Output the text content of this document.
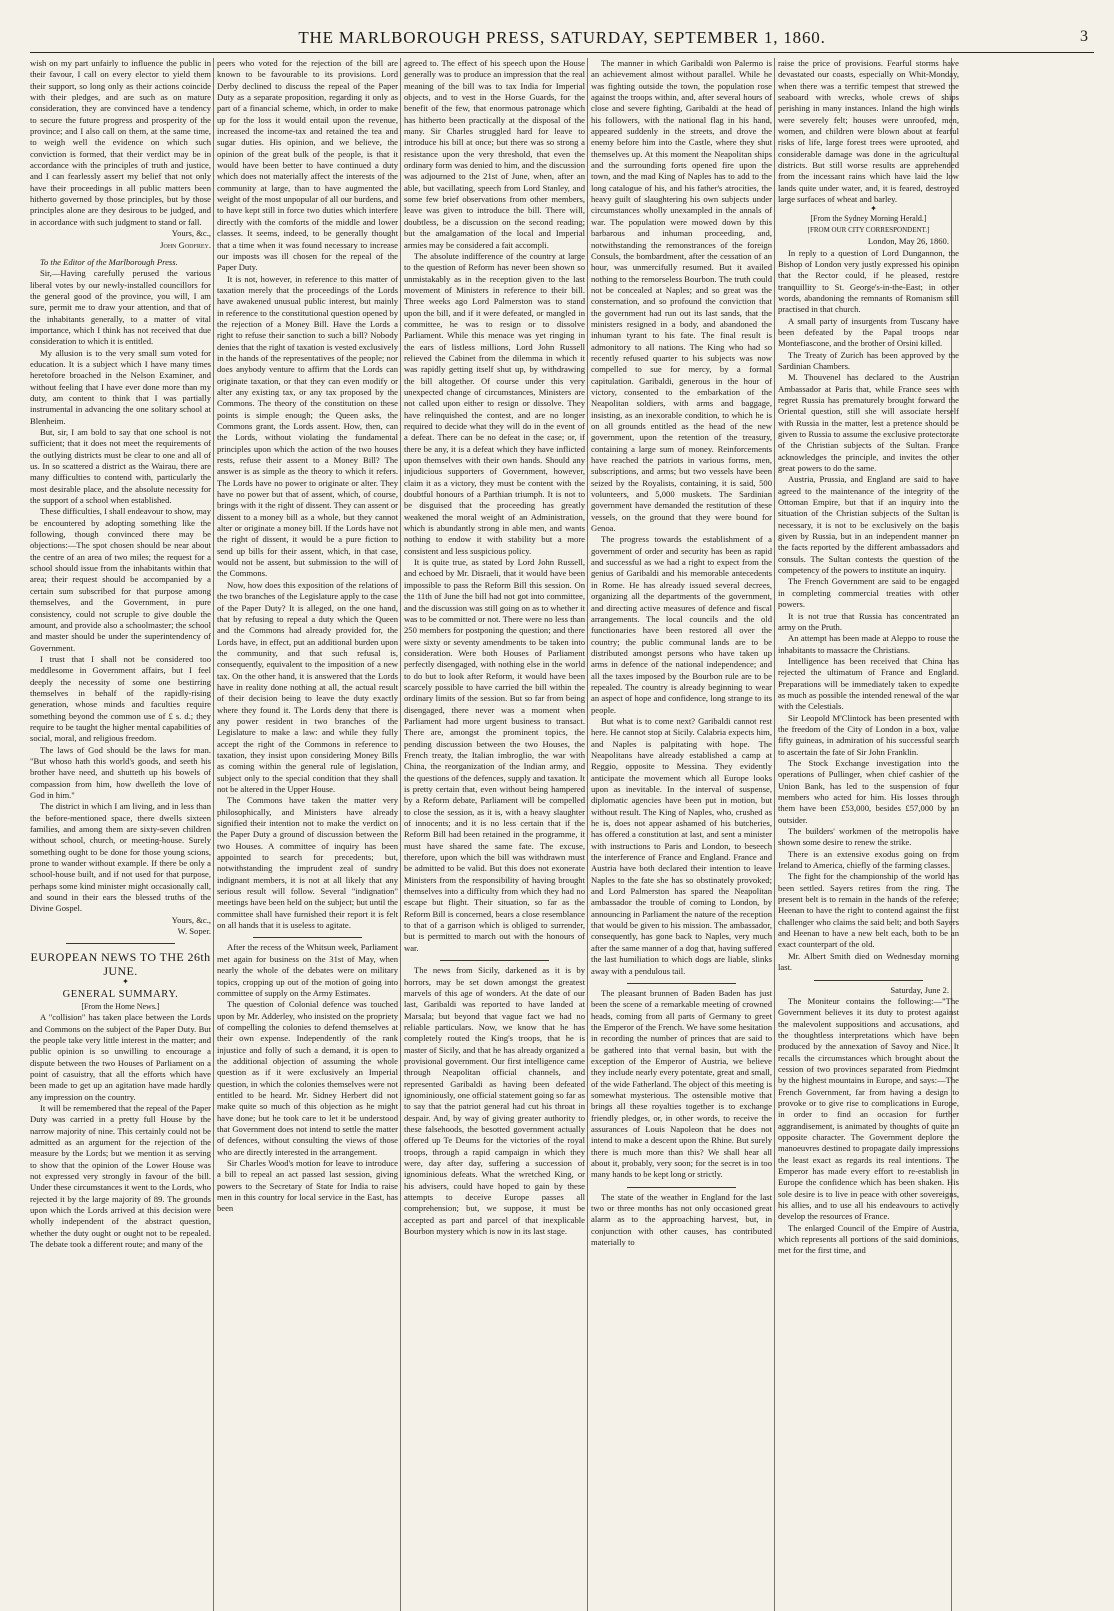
THE MARLBOROUGH PRESS, SATURDAY, SEPTEMBER 1, 1860.	3

wish on my part unfairly to influence the public in their favour, I call on every elector to yield them their support, so long only as their actions coincide with their pledges, and are such as on mature consideration, they are convinced have a tendency to secure the future progress and prosperity of the province; and I also call on them, at the same time, to weigh well the evidence on which such conviction is formed, that their verdict may be in accordance with the principles of truth and justice, and I can fearlessly assert my belief that not only have their proceedings in all public matters been hitherto governed by those principles, but by those principles alone are they desirous to be judged, and in accordance with such judgment to stand or fall.

Yours, &c.,

John Godfrey.

To the Editor of the Marlborough Press.

Sir,—Having carefully perused the various liberal votes by our newly-installed councillors for the general good of the province, you will, I am sure, permit me to draw your attention, and that of the inhabitants generally, to a matter of vital importance, which I think has not received that due consideration to which it is entitled.

My allusion is to the very small sum voted for education. It is a subject which I have many times heretofore broached in the Nelson Examiner, and without feeling that I have ever done more than my duty, am content to think that I was partially instrumental in advancing the one solitary school at Blenheim.

But, sir, I am bold to say that one school is not sufficient; that it does not meet the requirements of the outlying districts must be clear to one and all of us. In so scattered a district as the Wairau, there are many difficulties to contend with, particularly the most desirable place, and the absolute necessity for the support of a school when established.

These difficulties, I shall endeavour to show, may be encountered by adopting something like the following, though convinced there may be objections:—The spot chosen should be near about the centre of an area of two miles; the request for a school should issue from the inhabitants within that area; their request should be accompanied by a certain sum subscribed for that purpose among themselves, and the Government, in pure consistency, could not scruple to give double the amount, and provide also a schoolmaster; the school and master should be under the superintendency of Government.

I trust that I shall not be considered too meddlesome in Government affairs, but I feel deeply the necessity of some one bestirring themselves in behalf of the rapidly-rising generation, whose minds and faculties require something beyond the common use of £ s. d.; they require to be taught the higher mental capabilities of social, moral, and religious freedom.

The laws of God should be the laws for man. "But whoso hath this world's goods, and seeth his brother have need, and shutteth up his bowels of compassion from him, how dwelleth the love of God in him."

The district in which I am living, and in less than the before-mentioned space, there dwells sixteen families, and among them are sixty-seven children without school, church, or meeting-house. Surely something ought to be done for those young scions, prone to wander without example. If there be only a school-house built, and if not used for that purpose, perhaps some kind minister might occasionally call, and sound in their ears the blessed truths of the Divine Gospel.

Yours, &c.,

W. Soper.

EUROPEAN NEWS TO THE 26th JUNE.

✦

GENERAL SUMMARY.

[From the Home News.]

A "collision" has taken place between the Lords and Commons on the subject of the Paper Duty. But the people take very little interest in the matter; and public opinion is so unwilling to encourage a dispute between the two Houses of Parliament on a point of casuistry, that all the efforts which have been made to get up an agitation have made hardly any impression on the country.

It will be remembered that the repeal of the Paper Duty was carried in a pretty full House by the narrow majority of nine. This certainly could not be admitted as an argument for the rejection of the measure by the Lords; but we mention it as serving to show that the opinion of the Lower House was not expressed very strongly in favour of the bill. Under these circumstances it went to the Lords, who rejected it by the large majority of 89. The grounds upon which the Lords arrived at this decision were wholly independent of the abstract question, whether the duty ought or ought not to be repealed. The debate took a different route; and many of the

peers who voted for the rejection of the bill are known to be favourable to its provisions. Lord Derby declined to discuss the repeal of the Paper Duty as a separate proposition, regarding it only as part of a financial scheme, which, in order to make up for the loss it would entail upon the revenue, increased the income-tax and retained the tea and sugar duties. His opinion, and we believe, the opinion of the great bulk of the people, is that it would have been better to have continued a duty which does not materially affect the interests of the community at large, than to have augmented the weight of the most unpopular of all our burdens, and to have kept still in force two duties which interfere directly with the comforts of the middle and lower classes. It seems, indeed, to be generally thought that a time when it was found necessary to increase our imposts was ill chosen for the repeal of the Paper Duty.

It is not, however, in reference to this matter of taxation merely that the proceedings of the Lords have awakened unusual public interest, but mainly in reference to the constitutional question opened by the rejection of a Money Bill. Have the Lords a right to refuse their sanction to such a bill? Nobody denies that the right of taxation is vested exclusively in the hands of the representatives of the people; nor does anybody venture to affirm that the Lords can originate taxation, or that they can even modify or alter any existing tax, or any tax proposed by the Commons. The theory of the constitution on these points is simple enough; the Queen asks, the Commons grant, the Lords assent. How, then, can the Lords, without violating the fundamental principles upon which the action of the two houses rests, refuse their assent to a Money Bill? The answer is as simple as the theory to which it refers. The Lords have no power to originate or alter. They have no power but that of assent, which, of course, brings with it the right of dissent. They can assent or dissent to a money bill as a whole, but they cannot alter or originate a money bill. If the Lords have not the right of dissent, it would be a pure fiction to send up bills for their assent, which, in that case, would not be assent, but submission to the will of the Commons.

Now, how does this exposition of the relations of the two branches of the Legislature apply to the case of the Paper Duty? It is alleged, on the one hand, that by refusing to repeal a duty which the Queen and the Commons had already provided for, the Lords have, in effect, put an additional burden upon the community, and that such refusal is, consequently, equivalent to the imposition of a new tax. On the other hand, it is answered that the Lords have in reality done nothing at all, the actual result of their decision being to leave the duty exactly where they found it. The Lords deny that there is any power resident in two branches of the Legislature to make a law: and while they fully accept the right of the Commons in reference to taxation, they insist upon considering Money Bills as coming within the general rule of legislation, subject only to the special condition that they shall not be altered in the Upper House.

The Commons have taken the matter very philosophically, and Ministers have already signified their intention not to make the verdict on the Paper Duty a ground of discussion between the two Houses. A committee of inquiry has been appointed to search for precedents; but, notwithstanding the imprudent zeal of sundry indignant members, it is not at all likely that any serious result will follow. Several "indignation" meetings have been held on the subject; but until the committee shall have furnished their report it is felt on all hands that it is useless to agitate.

After the recess of the Whitsun week, Parliament met again for business on the 31st of May, when nearly the whole of the debates were on military topics, cropping up out of the motion of going into committee of supply on the Army Estimates.

The question of Colonial defence was touched upon by Mr. Adderley, who insisted on the propriety of compelling the colonies to defend themselves at their own expense. Independently of the rank injustice and folly of such a demand, it is open to the additional objection of assuming the whole question as if it were exclusively an Imperial question, in which the colonies themselves were not entitled to be heard. Mr. Sidney Herbert did not make quite so much of this objection as he might have done; but he took care to let it be understood that Government does not intend to settle the matter of defences, without consulting the views of those who are directly interested in the arrangement.

Sir Charles Wood's motion for leave to introduce a bill to repeal an act passed last session, giving powers to the Secretary of State for India to raise men in this country for local service in the East, has been

agreed to. The effect of his speech upon the House generally was to produce an impression that the real meaning of the bill was to tax India for Imperial objects, and to vest in the Horse Guards, for the benefit of the few, that enormous patronage which has hitherto been practically at the disposal of the many. Sir Charles struggled hard for leave to introduce his bill at once; but there was so strong a resistance upon the very threshold, that even the ordinary form was denied to him, and the discussion was adjourned to the 21st of June, when, after an able, but vacillating, speech from Lord Stanley, and some few brief observations from other members, leave was given to introduce the bill. There will, doubtless, be a discussion on the second reading; but the amalgamation of the local and Imperial armies may be considered a fait accompli.

The absolute indifference of the country at large to the question of Reform has never been shown so unmistakably as in the reception given to the last movement of Ministers in reference to their bill. Three weeks ago Lord Palmerston was to stand upon the bill, and if it were defeated, or mangled in committee, he was to resign or to dissolve Parliament. While this menace was yet ringing in the ears of listless millions, Lord John Russell relieved the Cabinet from the dilemma in which it was rapidly getting itself shut up, by withdrawing the bill altogether. Of course under this very unexpected change of circumstances, Ministers are not called upon either to resign or dissolve. They have relinquished the contest, and are no longer required to decide what they will do in the event of a defeat. There can be no defeat in the case; or, if there be any, it is a defeat which they have inflicted upon themselves with their own hands. Should any injudicious supporters of Government, however, claim it as a victory, they must be content with the doubtful honours of a Parthian triumph. It is not to be disguised that the proceeding has greatly weakened the moral weight of an Administration, which is abundantly strong in able men, and wants nothing to endow it with stability but a more consistent and less suspicious policy.

It is quite true, as stated by Lord John Russell, and echoed by Mr. Disraeli, that it would have been impossible to pass the Reform Bill this session. On the 11th of June the bill had not got into committee, and the discussion was still going on as to whether it was to be committed or not. There were no less than 250 members for postponing the question; and there were sixty or seventy amendments to be taken into consideration. Were both Houses of Parliament perfectly disengaged, with nothing else in the world to do but to look after Reform, it would have been scarcely possible to have carried the bill within the ordinary limits of the session. But so far from being disengaged, there never was a moment when Parliament had more urgent business to transact. There are, amongst the prominent topics, the pending discussion between the two Houses, the French treaty, the Italian imbroglio, the war with China, the reorganization of the Indian army, and the questions of the defences, supply and taxation. It is pretty certain that, even without being hampered by a Reform debate, Parliament will be compelled to close the session, as it is, with a heavy slaughter of innocents; and it is no less certain that if the Reform Bill had been retained in the programme, it must have shared the same fate. The excuse, therefore, upon which the bill was withdrawn must be admitted to be valid. But this does not exonerate Ministers from the responsibility of having brought themselves into a difficulty from which they had no escape but flight. Their situation, so far as the Reform Bill is concerned, bears a close resemblance to that of a garrison which is obliged to surrender, but is permitted to march out with the honours of war.

The news from Sicily, darkened as it is by horrors, may be set down amongst the greatest marvels of this age of wonders. At the date of our last, Garibaldi was reported to have landed at Marsala; but beyond that vague fact we had no reliable particulars. Now, we know that he has completely routed the King's troops, that he is master of Sicily, and that he has already organized a provisional government. Our first intelligence came through Neapolitan official channels, and represented Garibaldi as having been defeated ignominiously, one official statement going so far as to say that the patriot general had cut his throat in despair. And, by way of giving greater authority to these falsehoods, the besotted government actually offered up Te Deums for the victories of the royal troops, through a rapid campaign in which they were, day after day, suffering a succession of ignominious defeats. What the wretched King, or his advisers, could have hoped to gain by these attempts to deceive Europe passes all comprehension; but, we suppose, it must be accepted as part and parcel of that inexplicable Bourbon mystery which is now in its last stage.

The manner in which Garibaldi won Palermo is an achievement almost without parallel. While he was fighting outside the town, the population rose against the troops within, and, after several hours of close and severe fighting, Garibaldi at the head of his followers, with the national flag in his hand, appeared suddenly in the streets, and drove the enemy before him into the Castle, where they shut themselves up. At this moment the Neapolitan ships and the surrounding forts opened fire upon the town, and the mad King of Naples has to add to the long catalogue of his, and his father's atrocities, the heavy guilt of slaughtering his own subjects under circumstances wholly unexampled in the annals of war. The population were mowed down by this barbarous and inhuman proceeding, and, notwithstanding the remonstrances of the foreign Consuls, the bombardment, after the cessation of an hour, was unmercifully resumed. But it availed nothing to the remorseless Bourbon. The truth could not be concealed at Naples; and so great was the consternation, and so profound the conviction that the government had run out its last sands, that the ministers resigned in a body, and abandoned the inhuman tyrant to his fate. The final result is admonitory to all nations. The King who had so recently refused quarter to his subjects was now compelled to sue for mercy, by a formal capitulation. Garibaldi, generous in the hour of victory, consented to the embarkation of the Neapolitan soldiers, with arms and baggage, insisting, as an inexorable condition, to which he is on all grounds entitled as the head of the new government, upon the retention of the treasury, containing a large sum of money. Reinforcements have reached the patriots in various forms, men, subscriptions, and arms; but two vessels have been seized by the Royalists, containing, it is said, 500 volunteers, and 5,000 muskets. The Sardinian government have demanded the restitution of these vessels, on the ground that they were bound for Genoa.

The progress towards the establishment of a government of order and security has been as rapid and successful as we had a right to expect from the genius of Garibaldi and his memorable antecedents in Rome. He has already issued several decrees, organizing all the departments of the government, and directing active measures of defence and fiscal arrangements. The local councils and the old functionaries have been restored all over the country; the public communal lands are to be distributed amongst persons who have taken up arms in defence of the national independence; and all the taxes imposed by the Bourbon rule are to be repealed. The country is already beginning to wear an aspect of hope and confidence, long strange to its people.

But what is to come next? Garibaldi cannot rest here. He cannot stop at Sicily. Calabria expects him, and Naples is palpitating with hope. The Neapolitans have already established a camp at Reggio, opposite to Messina. They evidently anticipate the movement which all Europe looks upon as inevitable. In the interval of suspense, diplomatic agencies have been put in motion, but without result. The King of Naples, who, crushed as he is, does not appear ashamed of his butcheries, has offered a constitution at last, and sent a minister with instructions to Paris and London, to beseech the interference of France and England. France and Austria have both declared their intention to leave Naples to the fate she has so obstinately provoked; and Lord Palmerston has spared the Neapolitan ambassador the trouble of coming to London, by announcing in Parliament the nature of the reception that would be given to his mission. The ambassador, consequently, has gone back to Naples, very much after the same manner of a dog that, having suffered the last humiliation to which dogs are liable, slinks away with a pendulous tail.

The pleasant brunnen of Baden Baden has just been the scene of a remarkable meeting of crowned heads, coming from all parts of Germany to greet the Emperor of the French. We have some hesitation in recording the number of princes that are said to be gathered into that vernal basin, but with the exception of the Emperor of Austria, we believe they include nearly every potentate, great and small, of the wide Fatherland. The object of this meeting is somewhat mysterious. The ostensible motive that brings all these royalties together is to exchange friendly pledges, or, in other words, to receive the assurances of Louis Napoleon that he does not intend to make a descent upon the Rhine. But surely there is much more than this? We shall hear all about it, probably, very soon; for the secret is in too many hands to be kept long or strictly.

The state of the weather in England for the last two or three months has not only occasioned great alarm as to the approaching harvest, but, in conjunction with other causes, has contributed materially to

raise the price of provisions. Fearful storms have devastated our coasts, especially on Whit-Monday, when there was a terrific tempest that strewed the seaboard with wrecks, whole crews of ships perishing in many instances. Inland the high winds were severely felt; houses were unroofed, men, women, and children were blown about at fearful risks of life, large forest trees were uprooted, and considerable damage was done in the agricultural districts. But still worse results are apprehended from the incessant rains which have laid the low lands quite under water, and, it is feared, destroyed large surfaces of wheat and barley.

✦

[From the Sydney Morning Herald.]

[FROM OUR CITY CORRESPONDENT.]

London, May 26, 1860.

In reply to a question of Lord Dungannon, the Bishop of London very justly expressed his opinion that the Rector could, if he pleased, restore tranquillity to St. George's-in-the-East; in other words, abandoning the remnants of Romanism still practised in that church.

A small party of insurgents from Tuscany have been defeated by the Papal troops near Montefiascone, and the brother of Orsini killed.

The Treaty of Zurich has been approved by the Sardinian Chambers.

M. Thouvenel has declared to the Austrian Ambassador at Paris that, while France sees with regret Russia has prematurely brought forward the Oriental question, still she will associate herself with Russia in the matter, lest a pretence should be given to Russia to assume the exclusive protectorate of the Christian subjects of the Sultan. France acknowledges the principle, and invites the other great powers to do the same.

Austria, Prussia, and England are said to have agreed to the maintenance of the integrity of the Ottoman Empire, but that if an inquiry into the situation of the Christian subjects of the Sultan is necessary, it is not to be exclusively on the basis given by Russia, but in an independent manner on the facts reported by the different ambassadors and consuls. The Sultan contests the question of the competency of the powers to institute an inquiry.

The French Government are said to be engaged in completing commercial treaties with other powers.

It is not true that Russia has concentrated an army on the Pruth.

An attempt has been made at Aleppo to rouse the inhabitants to massacre the Christians.

Intelligence has been received that China has rejected the ultimatum of France and England. Preparations will be immediately taken to expedite as much as possible the intended renewal of the war with the Celestials.

Sir Leopold M'Clintock has been presented with the freedom of the City of London in a box, value fifty guineas, in admiration of his successful search to ascertain the fate of Sir John Franklin.

The Stock Exchange investigation into the operations of Pullinger, when chief cashier of the Union Bank, has led to the suspension of four members who acted for him. His losses through them have been £53,000, besides £57,000 by an outsider.

The builders' workmen of the metropolis have shown some desire to renew the strike.

There is an extensive exodus going on from Ireland to America, chiefly of the farming classes.

The fight for the championship of the world has been settled. Sayers retires from the ring. The present belt is to remain in the hands of the referee; Heenan to have the right to contend against the first challenger who claims the said belt; and both Sayers and Heenan to have a new belt each, both to be an exact counterpart of the old.

Mr. Albert Smith died on Wednesday morning last.

Saturday, June 2.

The Moniteur contains the following:—"The Government believes it its duty to protest against the malevolent suppositions and accusations, and the thoughtless interpretations which have been produced by the annexation of Savoy and Nice. It recalls the circumstances which brought about the cession of two provinces separated from Piedmont by the highest mountains in Europe, and says:—The French Government, far from having a design to provoke or to give rise to complications in Europe, in order to find an occasion for further aggrandisement, is animated by thoughts of quite an opposite character. The Government deplore the manoeuvres destined to propagate daily impressions the least exact as regards its real intentions. The Emperor has made every effort to re-establish in Europe the confidence which has been shaken. His sole desire is to live in peace with other sovereigns, his allies, and to use all his endeavours to actively develop the resources of France.

The enlarged Council of the Empire of Austria, which represents all portions of the said dominions, met for the first time, and
